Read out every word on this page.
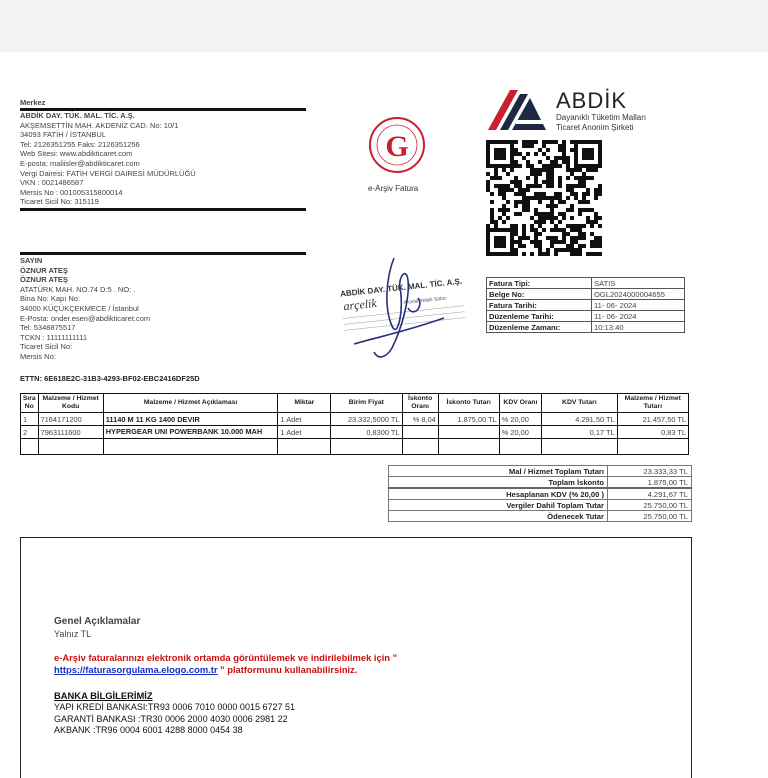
Merkez
ABDİK DAY. TÜK. MAL. TİC. A.Ş.
AKŞEMSETTİN MAH. AKDENİZ CAD. No: 10/1
34093 FATİH / İSTANBUL
Tel: 2126351255 Faks: 2126351256
Web Sitesi: www.abdikticaret.com
E-posta: maliisler@abdikticaret.com
Vergi Dairesi: FATİH VERGİ DAIRESİ MÜDÜRLÜĞÜ
VKN : 0021486587
Mersis No : 001005315800014
Ticaret Sicil No: 315119
G
e-Arşiv Fatura
ABDİK
Dayanıklı Tüketim Malları
Ticaret Anonim Şirketi
SAYIN
ÖZNUR ATEŞ
ÖZNUR ATEŞ
ATATÜRK MAH. NO.74 D:5 . NO: .
Bina No: Kapı No:
34000 KÜÇÜKÇEKMECE / İstanbul
E-Posta: onder.esen@abdikticaret.com
Tel: 5348875517
TCKN : 11111111111
Ticaret Sicil No:
Mersis No:
ABDİK DAY. TÜK. MAL. TİC. A.Ş.
arçelik	Arçelik Yetkili Satıcı
Fatura Tipi:	SATIS
Belge No:	OGL2024000004655
Fatura Tarihi:	11- 06- 2024
Düzenleme Tarihi:	11- 06- 2024
Düzenleme Zamanı:	10:13:40
ETTN: 6E618E2C-31B3-4293-BF02-EBC2416DF25D
Sıra No	Malzeme / Hizmet Kodu	Malzeme / Hizmet Açıklaması	Miktar	Birim Fiyat	İskonto Oranı	İskonto Tutarı	KDV Oranı	KDV Tutarı	Malzeme / Hizmet Tutarı
1	7164171200	11140 M 11 KG 1400 DEVIR	1 Adet	23.332,5000 TL	% 8,04	1.875,00 TL	% 20,00	4.291,50 TL	21.457,50 TL
2	7963111600	HYPERGEAR UNI POWERBANK 10.000 MAH	1 Adet	0,8300 TL			% 20,00	0,17 TL	0,83 TL

Mal / Hizmet Toplam Tutarı	23.333,33 TL
Toplam İskonto	1.875,00 TL
Hesaplanan KDV (% 20,00 )	4.291,67 TL
Vergiler Dahil Toplam Tutar	25.750,00 TL
Ödenecek Tutar	25.750,00 TL
Genel Açıklamalar
Yalnız TL
e-Arşiv faturalarınızı elektronik ortamda görüntülemek ve indirilebilmek için "
https://faturasorgulama.elogo.com.tr " platformunu kullanabilirsiniz.
BANKA BİLGİLERİMİZ
YAPI KREDİ BANKASI:TR93 0006 7010 0000 0015 6727 51
GARANTİ BANKASI :TR30 0006 2000 4030 0006 2981 22
AKBANK :TR96 0004 6001 4288 8000 0454 38
